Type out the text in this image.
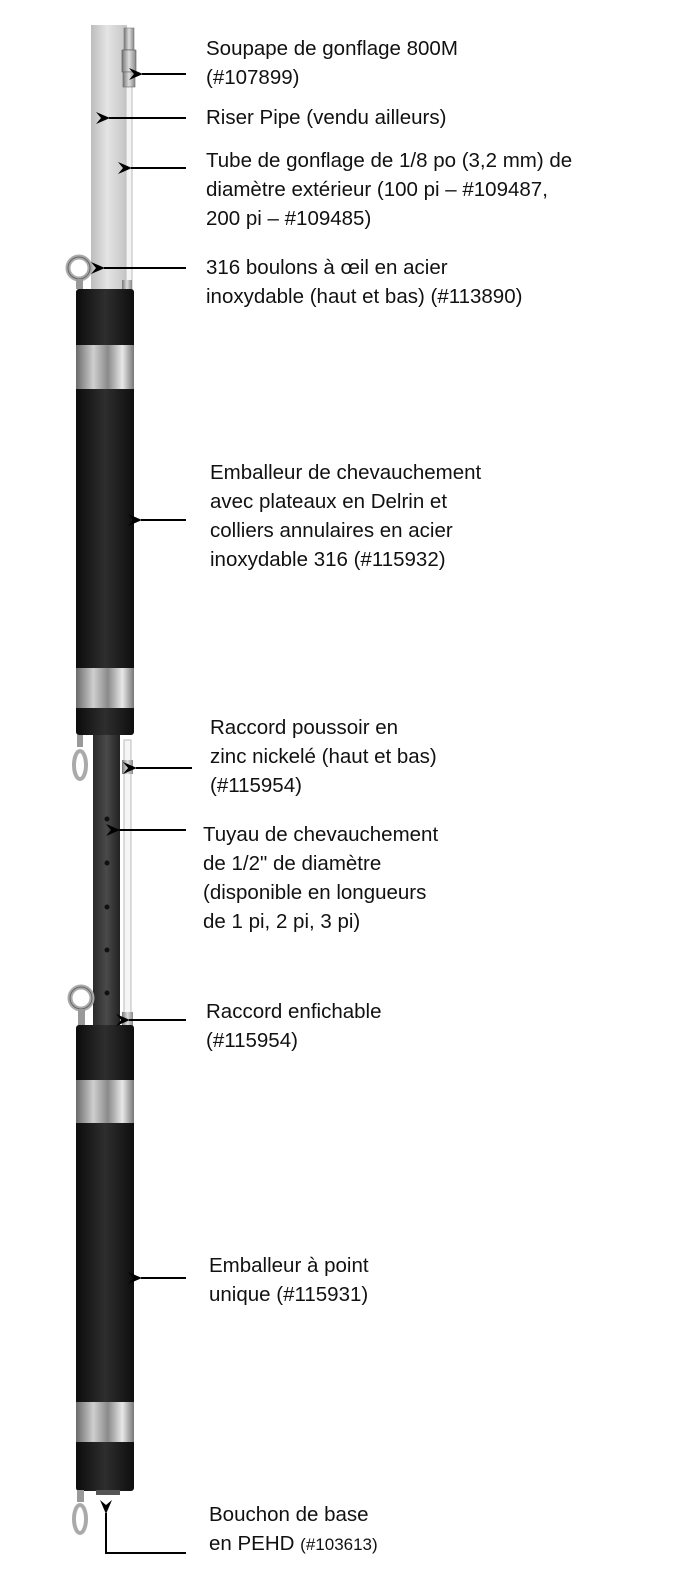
Soupape de gonflage 800M
(#107899)
Riser Pipe (vendu ailleurs)
Tube de gonflage de 1/8 po (3,2 mm) de
diamètre extérieur (100 pi – #109487,
200 pi – #109485)
316 boulons à œil en acier
inoxydable (haut et bas) (#113890)
Emballeur de chevauchement
avec plateaux en Delrin et
colliers annulaires en acier
inoxydable 316 (#115932)
Raccord poussoir en
zinc nickelé (haut et bas)
(#115954)
Tuyau de chevauchement
de 1/2" de diamètre
(disponible en longueurs
de 1 pi, 2 pi, 3 pi)
Raccord enfichable
(#115954)
Emballeur à point
unique (#115931)
Bouchon de base
en PEHD (#103613)
